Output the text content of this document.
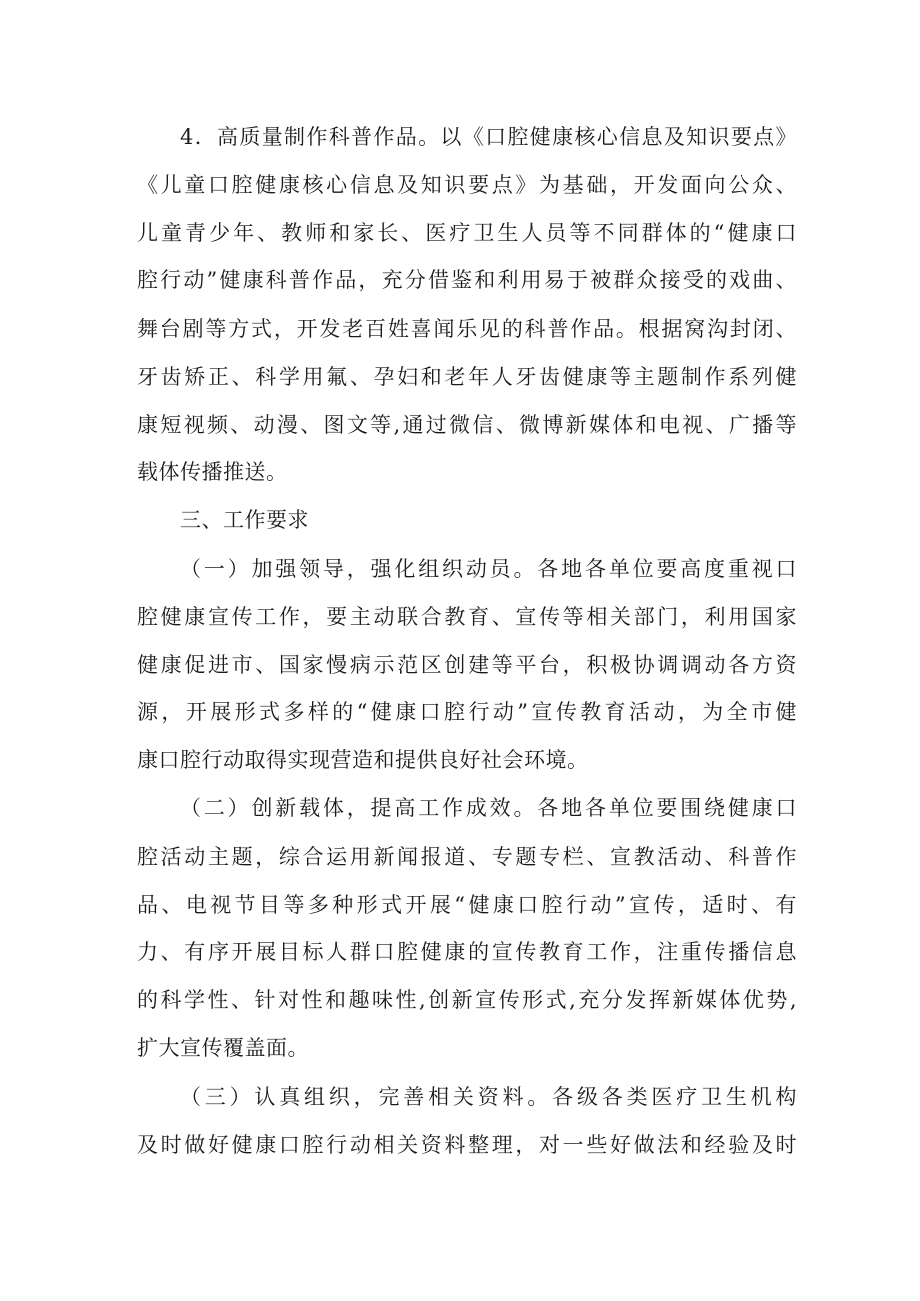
4．高质量制作科普作品。以《口腔健康核心信息及知识要点》
《儿童口腔健康核心信息及知识要点》为基础，开发面向公众、
儿童青少年、教师和家长、医疗卫生人员等不同群体的“健康口
腔行动”健康科普作品，充分借鉴和利用易于被群众接受的戏曲、
舞台剧等方式，开发老百姓喜闻乐见的科普作品。根据窝沟封闭、
牙齿矫正、科学用氟、孕妇和老年人牙齿健康等主题制作系列健
康短视频、动漫、图文等,通过微信、微博新媒体和电视、广播等
载体传播推送。
三、工作要求
（一）加强领导，强化组织动员。各地各单位要高度重视口
腔健康宣传工作，要主动联合教育、宣传等相关部门，利用国家
健康促进市、国家慢病示范区创建等平台，积极协调调动各方资
源，开展形式多样的“健康口腔行动”宣传教育活动，为全市健
康口腔行动取得实现营造和提供良好社会环境。
（二）创新载体，提高工作成效。各地各单位要围绕健康口
腔活动主题，综合运用新闻报道、专题专栏、宣教活动、科普作
品、电视节目等多种形式开展“健康口腔行动”宣传，适时、有
力、有序开展目标人群口腔健康的宣传教育工作，注重传播信息
的科学性、针对性和趣味性,创新宣传形式,充分发挥新媒体优势,
扩大宣传覆盖面。
（三）认真组织，完善相关资料。各级各类医疗卫生机构
及时做好健康口腔行动相关资料整理，对一些好做法和经验及时
